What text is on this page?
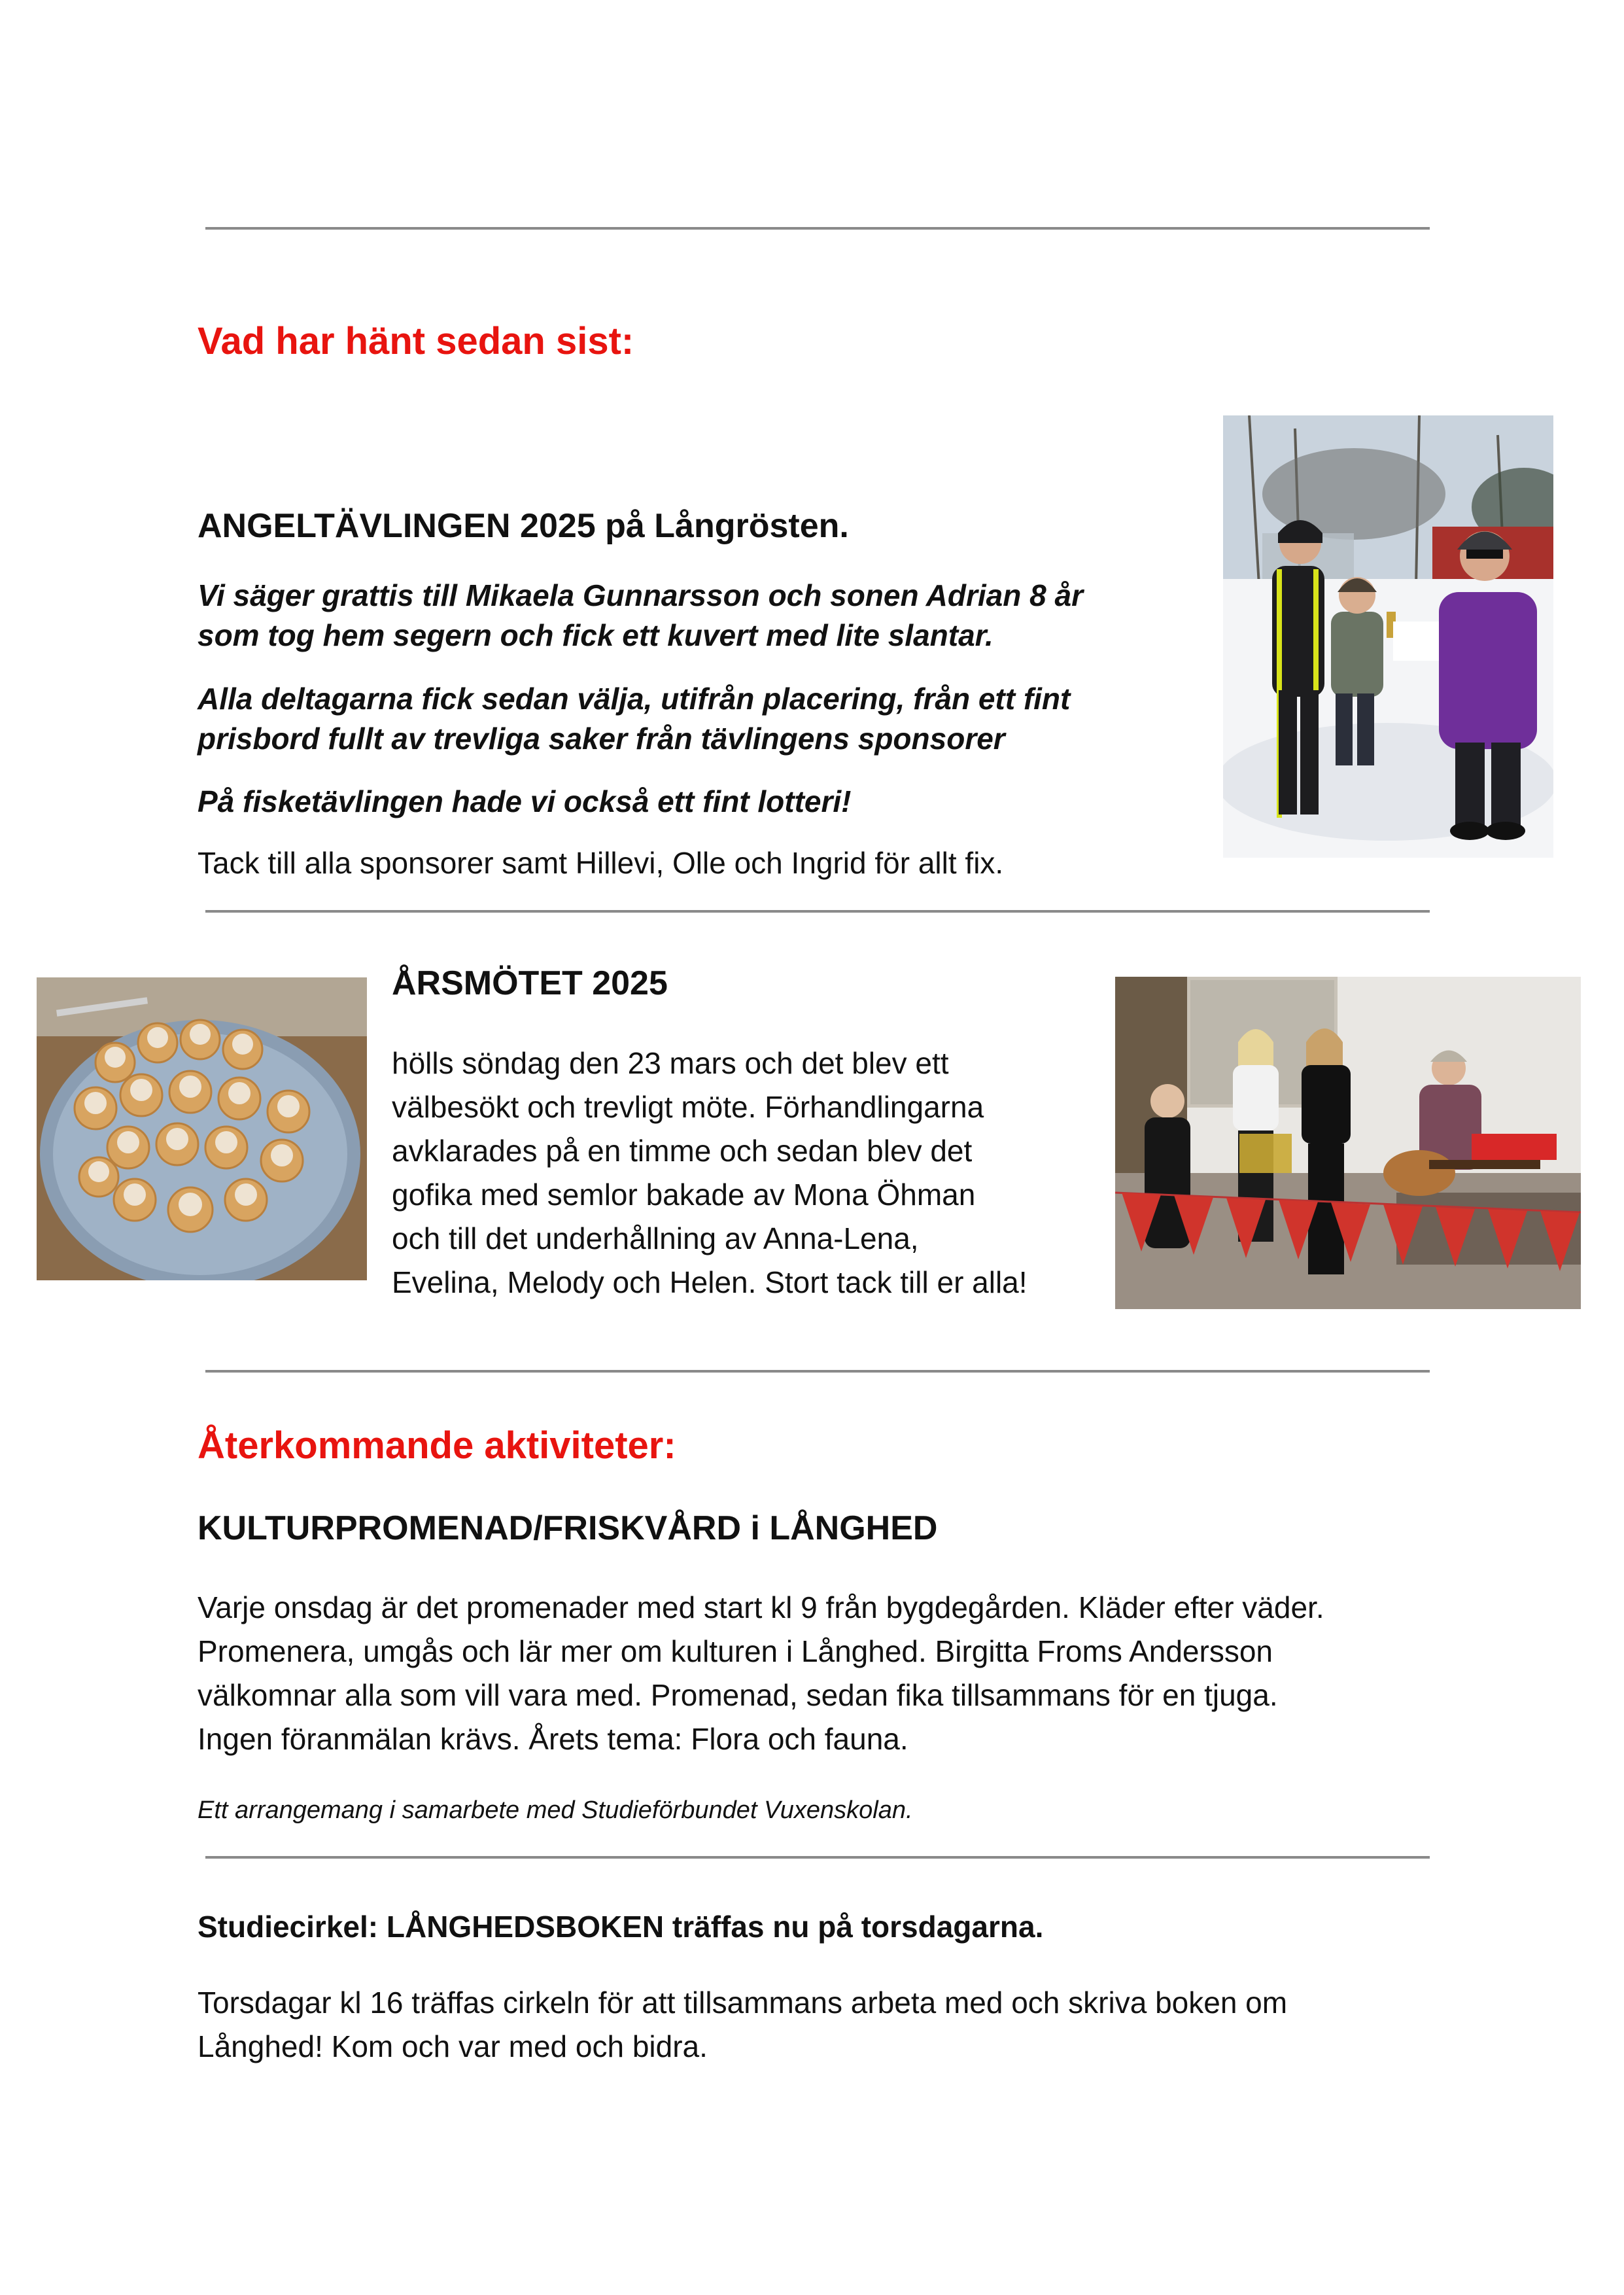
Vad har hänt sedan sist:
ANGELTÄVLINGEN 2025 på Långrösten.
Vi säger grattis till Mikaela Gunnarsson och sonen Adrian 8 år
som tog hem segern och fick ett kuvert med lite slantar.
Alla deltagarna fick sedan välja, utifrån placering, från ett fint
prisbord fullt av trevliga saker från tävlingens sponsorer
På fisketävlingen hade vi också ett fint lotteri!
Tack till alla sponsorer samt Hillevi, Olle och Ingrid för allt fix.
ÅRSMÖTET 2025
hölls söndag den 23 mars och det blev ett
välbesökt och trevligt möte. Förhandlingarna
avklarades på en timme och sedan blev det
gofika med semlor bakade av Mona Öhman
och till det underhållning av Anna-Lena,
Evelina, Melody och Helen. Stort tack till er alla!
Återkommande aktiviteter:
KULTURPROMENAD/FRISKVÅRD i LÅNGHED
Varje onsdag är det promenader med start kl 9 från bygdegården. Kläder efter väder.
Promenera, umgås och lär mer om kulturen i Långhed. Birgitta Froms Andersson
välkomnar alla som vill vara med. Promenad, sedan fika tillsammans för en tjuga.
Ingen föranmälan krävs. Årets tema: Flora och fauna.
Ett arrangemang i samarbete med Studieförbundet Vuxenskolan.
Studiecirkel: LÅNGHEDSBOKEN träffas nu på torsdagarna.
Torsdagar kl 16 träffas cirkeln för att tillsammans arbeta med och skriva boken om
Långhed! Kom och var med och bidra.
